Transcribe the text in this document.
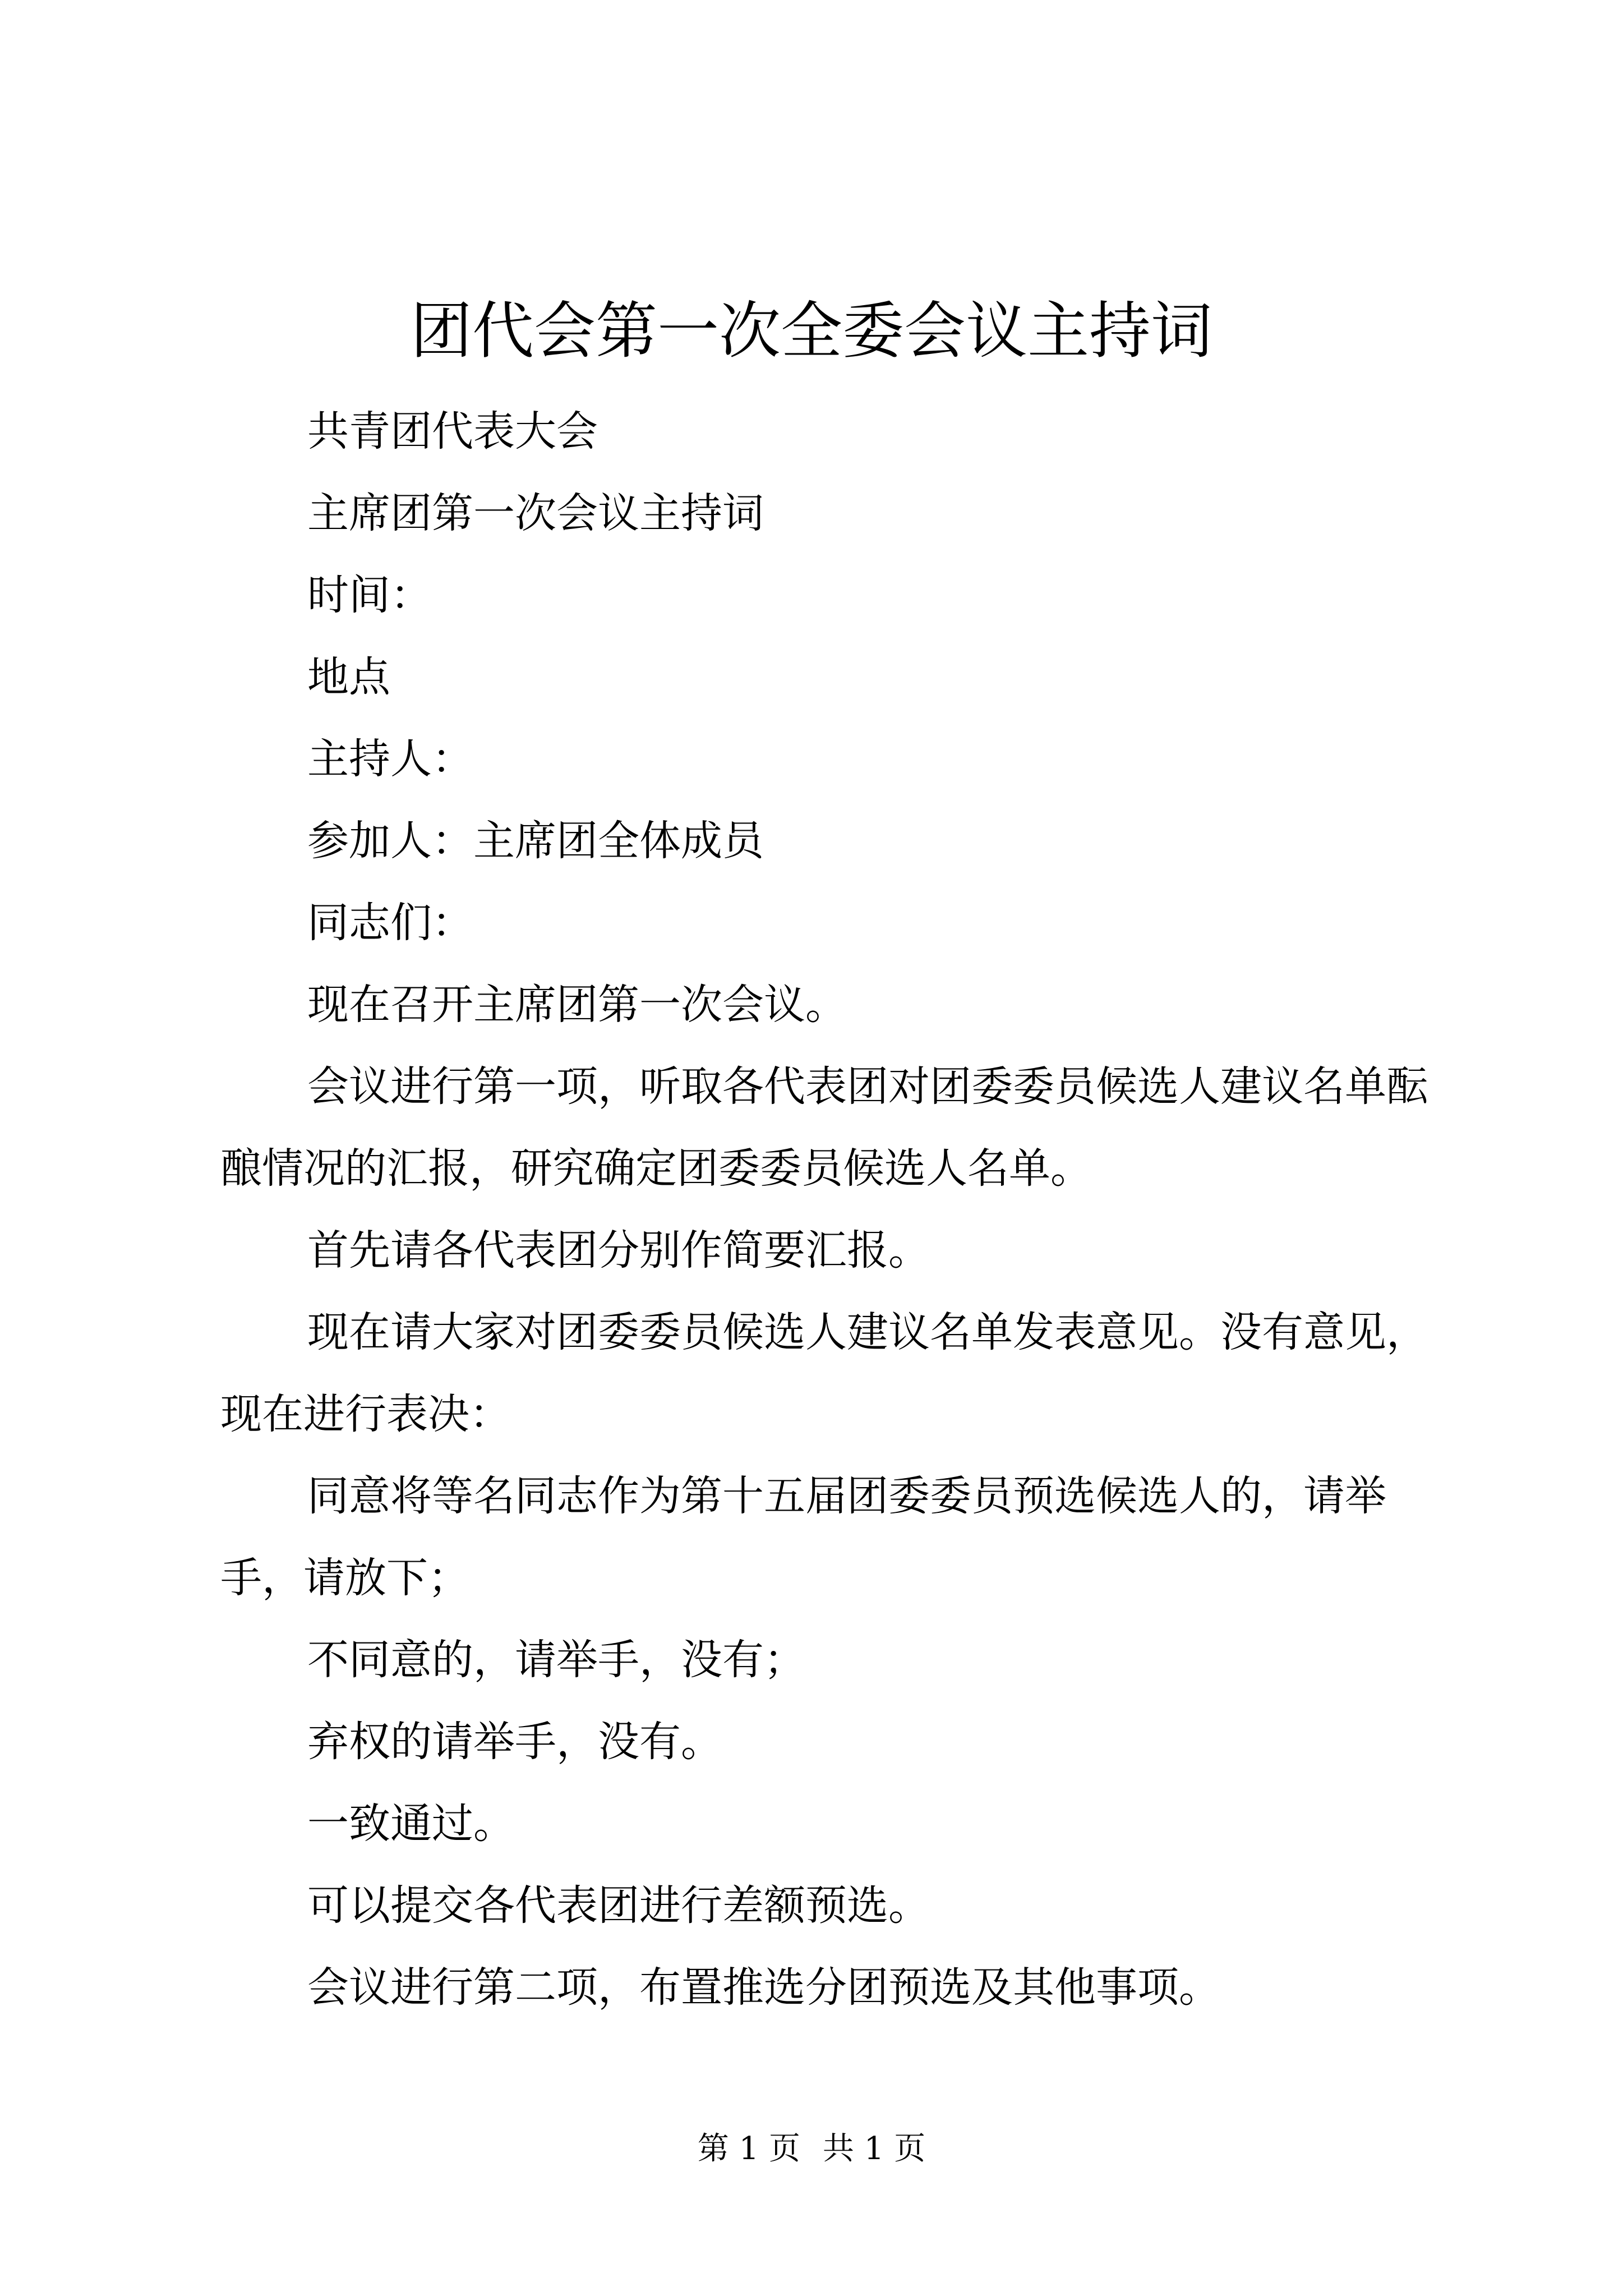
团代会第一次全委会议主持词

共青团代表大会

主席团第一次会议主持词

时间：

地点

主持人：

参加人：主席团全体成员

同志们：

现在召开主席团第一次会议。

会议进行第一项，听取各代表团对团委委员候选人建议名单酝酿情况的汇报，研究确定团委委员候选人名单。

首先请各代表团分别作简要汇报。

现在请大家对团委委员候选人建议名单发表意见。没有意见，现在进行表决：

同意将等名同志作为第十五届团委委员预选候选人的，请举手，请放下；

不同意的，请举手，没有；

弃权的请举手，没有。

一致通过。

可以提交各代表团进行差额预选。

会议进行第二项，布置推选分团预选及其他事项。

第 1 页 共 1 页
